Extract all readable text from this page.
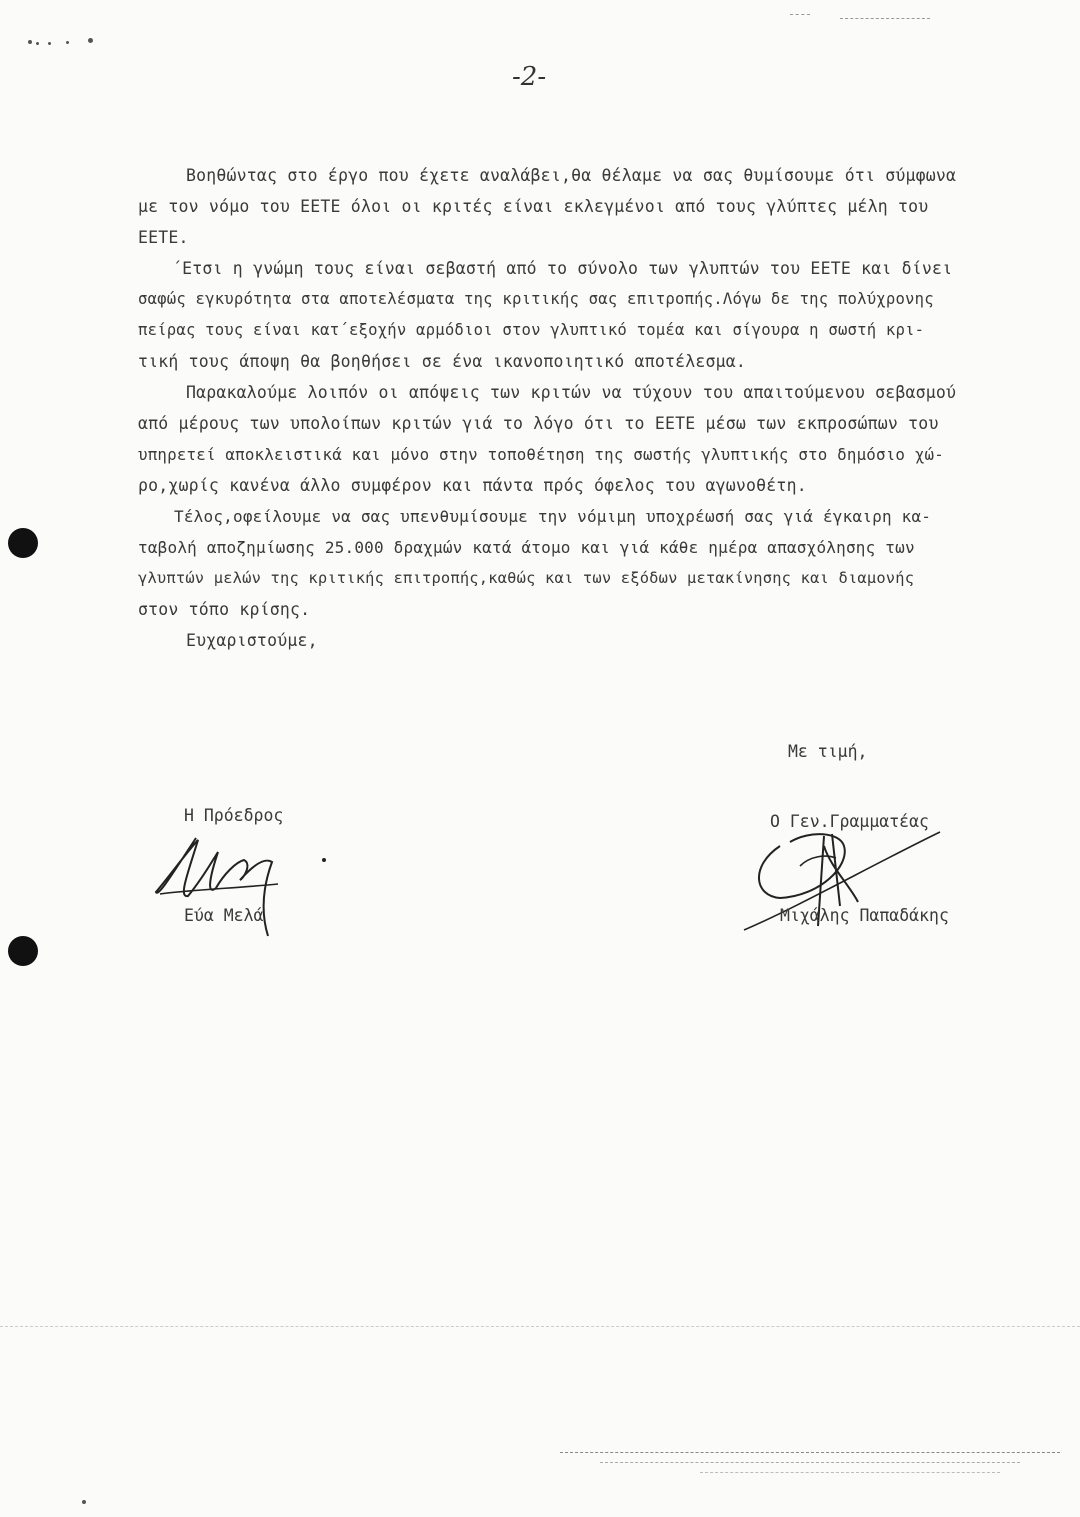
-2-
Βοηθώντας στο έργο που έχετε αναλάβει,θα θέλαμε να σας θυμίσουμε ότι σύμφωνα
με τον νόμο του ΕΕΤΕ όλοι οι κριτές είναι εκλεγμένοι από τους γλύπτες μέλη του
ΕΕΤΕ.
΄Ετσι η γνώμη τους είναι σεβαστή από το σύνολο των γλυπτών του ΕΕΤΕ και δίνει
σαφώς εγκυρότητα στα αποτελέσματα της κριτικής σας επιτροπής.Λόγω δε της πολύχρονης
πείρας τους είναι κατ΄εξοχήν αρμόδιοι στον γλυπτικό τομέα και σίγουρα η σωστή κρι-
τική τους άποψη θα βοηθήσει σε ένα ικανοποιητικό αποτέλεσμα.
Παρακαλούμε λοιπόν οι απόψεις των κριτών να τύχουν του απαιτούμενου σεβασμού
από μέρους των υπολοίπων κριτών γιά το λόγο ότι το ΕΕΤΕ μέσω των εκπροσώπων του
υπηρετεί αποκλειστικά και μόνο στην τοποθέτηση της σωστής γλυπτικής στο δημόσιο χώ-
ρο,χωρίς κανένα άλλο συμφέρον και πάντα πρός όφελος του αγωνοθέτη.
Τέλος,οφείλουμε να σας υπενθυμίσουμε την νόμιμη υποχρέωσή σας γιά έγκαιρη κα-
ταβολή αποζημίωσης 25.000 δραχμών κατά άτομο και γιά κάθε ημέρα απασχόλησης των
γλυπτών μελών της κριτικής επιτροπής,καθώς και των εξόδων μετακίνησης και διαμονής
στον τόπο κρίσης.
Ευχαριστούμε,
Με τιμή,
Η Πρόεδρος
Εύα Μελά
Ο Γεν.Γραμματέας
Μιχάλης Παπαδάκης
